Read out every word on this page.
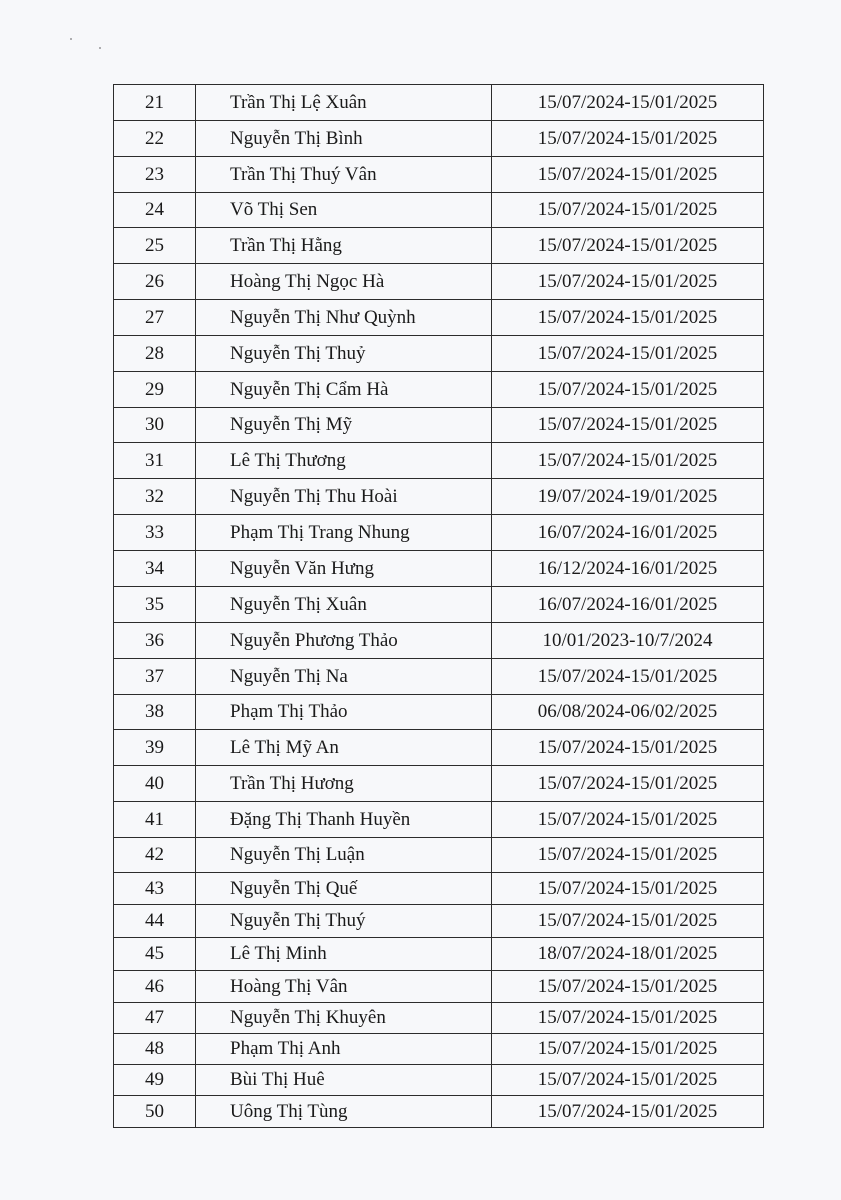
21	Trần Thị Lệ Xuân	15/07/2024-15/01/2025
22	Nguyễn Thị Bình	15/07/2024-15/01/2025
23	Trần Thị Thuý Vân	15/07/2024-15/01/2025
24	Võ Thị Sen	15/07/2024-15/01/2025
25	Trần Thị Hằng	15/07/2024-15/01/2025
26	Hoàng Thị Ngọc Hà	15/07/2024-15/01/2025
27	Nguyễn Thị Như Quỳnh	15/07/2024-15/01/2025
28	Nguyễn Thị Thuỷ	15/07/2024-15/01/2025
29	Nguyễn Thị Cẩm Hà	15/07/2024-15/01/2025
30	Nguyễn Thị Mỹ	15/07/2024-15/01/2025
31	Lê Thị Thương	15/07/2024-15/01/2025
32	Nguyễn Thị Thu Hoài	19/07/2024-19/01/2025
33	Phạm Thị Trang Nhung	16/07/2024-16/01/2025
34	Nguyễn Văn Hưng	16/12/2024-16/01/2025
35	Nguyễn Thị Xuân	16/07/2024-16/01/2025
36	Nguyễn Phương Thảo	10/01/2023-10/7/2024
37	Nguyễn Thị Na	15/07/2024-15/01/2025
38	Phạm Thị Thảo	06/08/2024-06/02/2025
39	Lê Thị Mỹ An	15/07/2024-15/01/2025
40	Trần Thị Hương	15/07/2024-15/01/2025
41	Đặng Thị Thanh Huyền	15/07/2024-15/01/2025
42	Nguyễn Thị Luận	15/07/2024-15/01/2025
43	Nguyễn Thị Quế	15/07/2024-15/01/2025
44	Nguyễn Thị Thuý	15/07/2024-15/01/2025
45	Lê Thị Minh	18/07/2024-18/01/2025
46	Hoàng Thị Vân	15/07/2024-15/01/2025
47	Nguyễn Thị Khuyên	15/07/2024-15/01/2025
48	Phạm Thị Anh	15/07/2024-15/01/2025
49	Bùi Thị Huê	15/07/2024-15/01/2025
50	Uông Thị Tùng	15/07/2024-15/01/2025
